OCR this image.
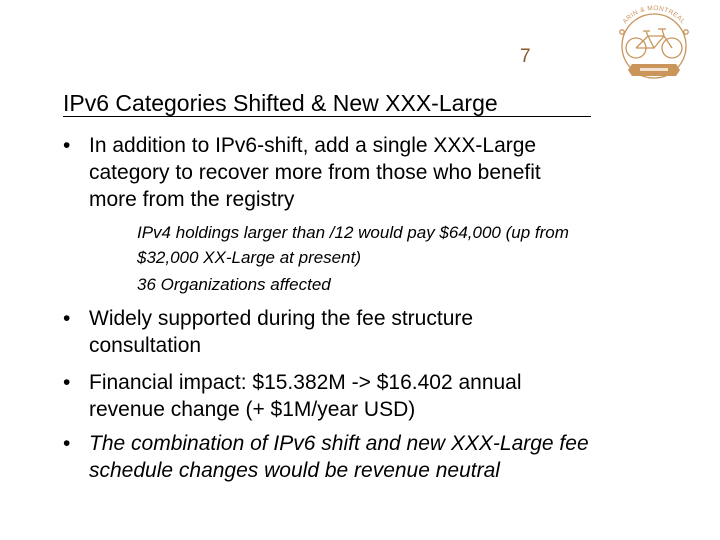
7
ARIN & MONTREAL
IPv6 Categories Shifted & New XXX-Large
• In addition to IPv6-shift, add a single XXX-Large
category to recover more from those who benefit
more from the registry
IPv4 holdings larger than /12 would pay $64,000 (up from
$32,000 XX-Large at present)
36 Organizations affected
• Widely supported during the fee structure
consultation
• Financial impact: $15.382M -> $16.402 annual
revenue change (+ $1M/year USD)
• The combination of IPv6 shift and new XXX-Large fee
schedule changes would be revenue neutral
